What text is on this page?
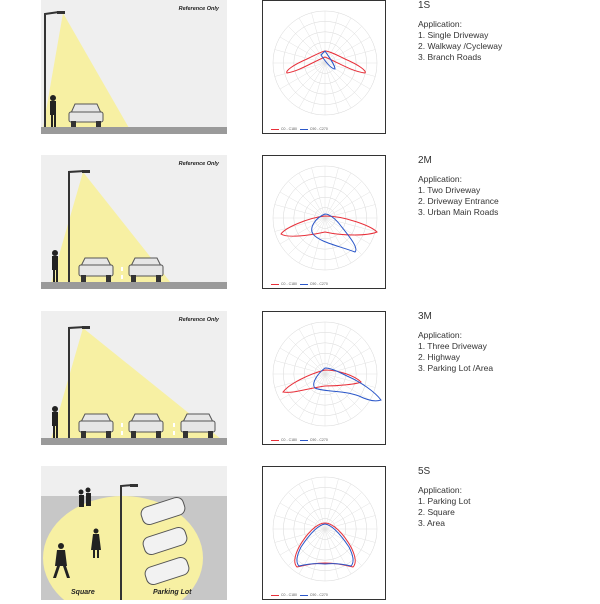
Reference Only
C0 - C180	C90 - C270
1S
Application:
1. Single Driveway
2. Walkway /Cycleway
3. Branch Roads
Reference Only
C0 - C180	C90 - C270
2M
Application:
1. Two Driveway
2. Driveway Entrance
3. Urban Main Roads
Reference Only
C0 - C180	C90 - C270
3M
Application:
1. Three Driveway
2. Highway
3. Parking Lot /Area
Square	Parking Lot	C0 - C180	C90 - C270
5S
Application:
1. Parking Lot
2. Square
3. Area
